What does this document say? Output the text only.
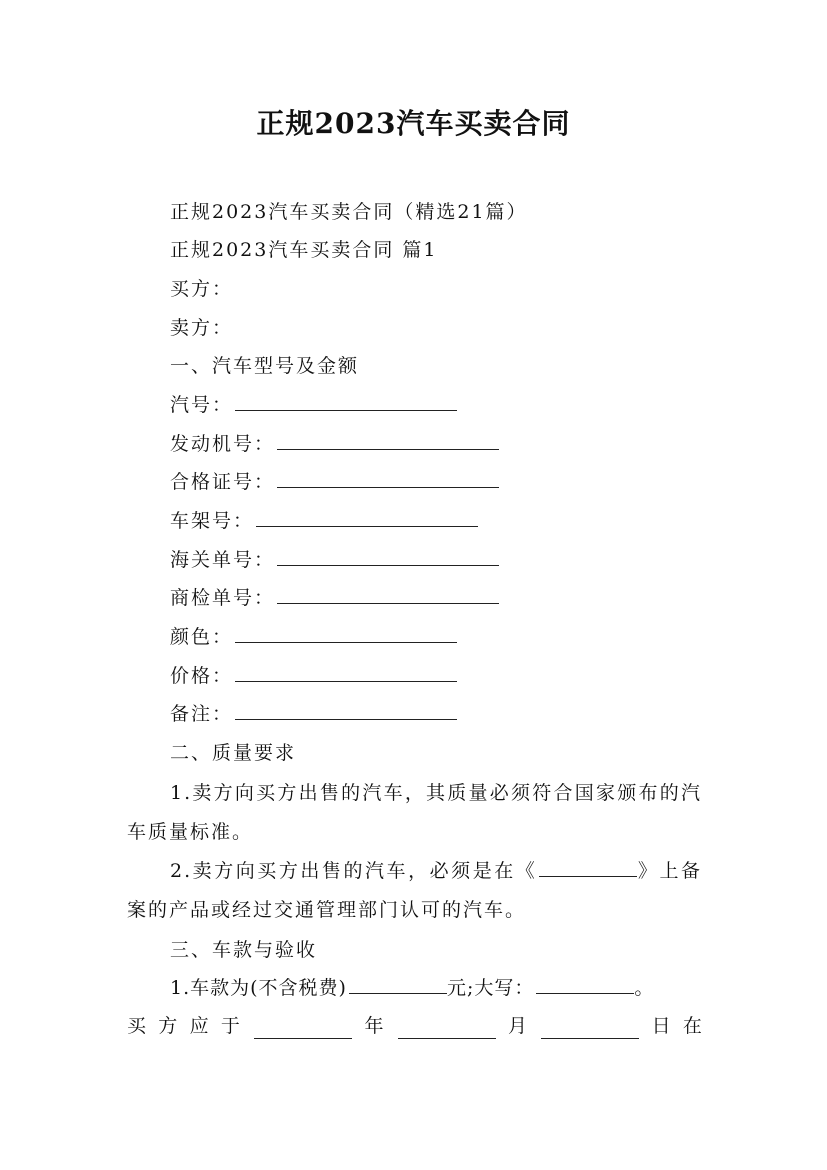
正规2023汽车买卖合同
正规2023汽车买卖合同（精选21篇）
正规2023汽车买卖合同 篇1
买方：
卖方：
一、汽车型号及金额
汽号：
发动机号：
合格证号：
车架号：
海关单号：
商检单号：
颜色：
价格：
备注：
二、质量要求
1.卖方向买方出售的汽车，其质量必须符合国家颁布的汽车质量标准。
2.卖方向买方出售的汽车，必须是在《	》上备案的产品或经过交通管理部门认可的汽车。
三、车款与验收
1.车款为(不含税费)	元;大写：	。
买 方 应 于	年	月	日 在
